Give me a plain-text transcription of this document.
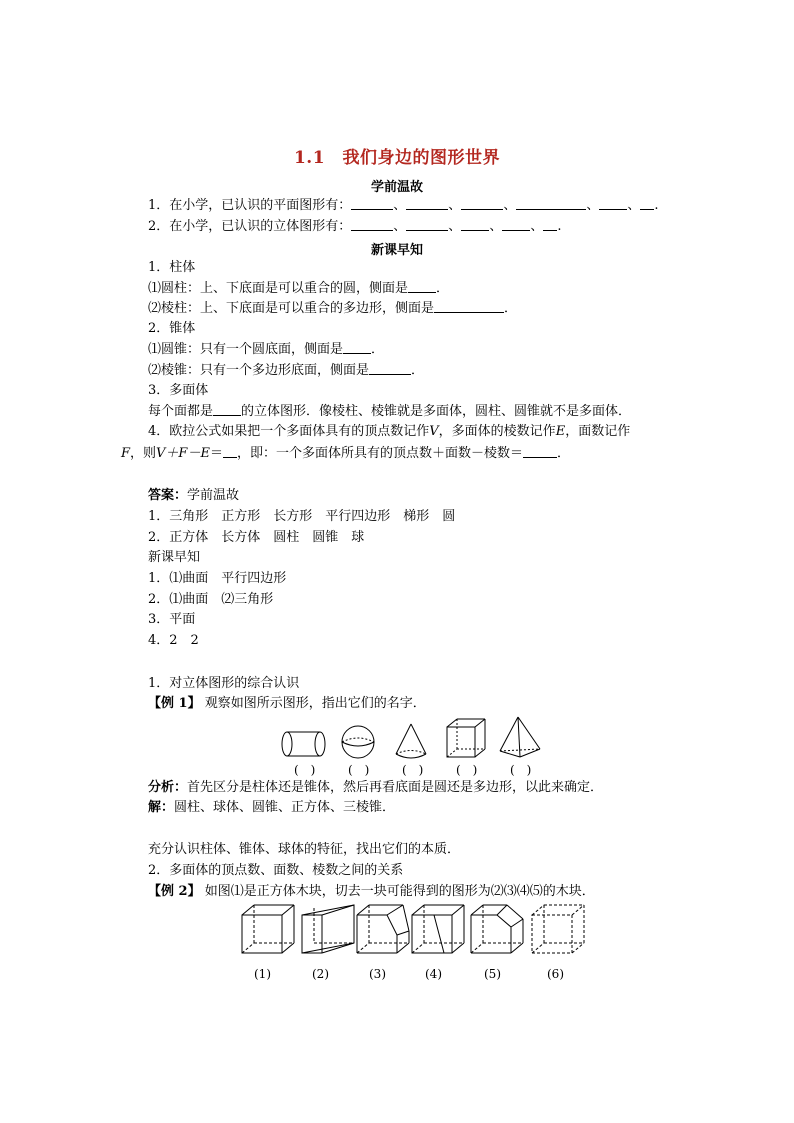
1.1　我们身边的图形世界
学前温故
1．在小学，已认识的平面图形有：	、	、	、	、 、 .
2．在小学，已认识的立体图形有：	、	、 、 、 .
新课早知
1．柱体
⑴圆柱：上、下底面是可以重合的圆，侧面是 ．
⑵棱柱：上、下底面是可以重合的多边形，侧面是	．
2．锥体
⑴圆锥：只有一个圆底面，侧面是 ．
⑵棱锥：只有一个多边形底面，侧面是	．
3．多面体
每个面都是 的立体图形．像棱柱、棱锥就是多面体，圆柱、圆锥就不是多面体．
4．欧拉公式如果把一个多面体具有的顶点数记作V，多面体的棱数记作E，面数记作
F，则V＋F－E＝ ，即：一个多面体所具有的顶点数＋面数－棱数＝	．
答案：学前温故
1．三角形　正方形　长方形　平行四边形　梯形　圆
2．正方体　长方体　圆柱　圆锥　球
新课早知
1．⑴曲面　平行四边形
2．⑴曲面　⑵三角形
3．平面
4．2　2
1．对立体图形的综合认识
【例 1】 观察如图所示图形，指出它们的名字．
(　)	(　)	(　)	(　)	(　)
分析：首先区分是柱体还是锥体，然后再看底面是圆还是多边形，以此来确定．
解：圆柱、球体、圆锥、正方体、三棱锥．
充分认识柱体、锥体、球体的特征，找出它们的本质．
2．多面体的顶点数、面数、棱数之间的关系
【例 2】 如图⑴是正方体木块，切去一块可能得到的图形为⑵⑶⑷⑸的木块．
(1)	(2)	(3)	(4)	(5)	(6)
